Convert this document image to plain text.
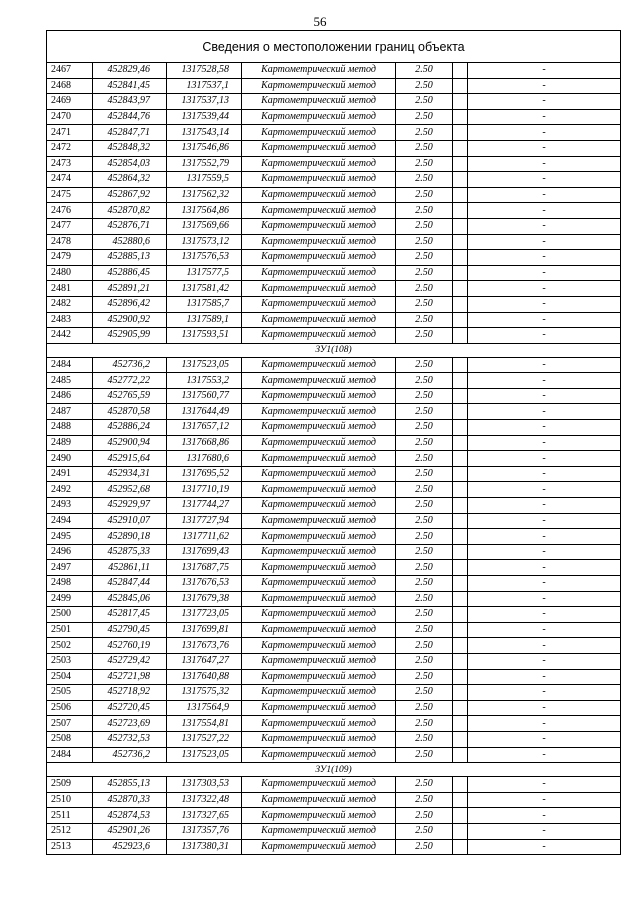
56
Сведения о местоположении границ объекта						
2467	452829,46	1317528,58	Картометрический метод	2.50		-
2468	452841,45	1317537,1	Картометрический метод	2.50		-
2469	452843,97	1317537,13	Картометрический метод	2.50		-
2470	452844,76	1317539,44	Картометрический метод	2.50		-
2471	452847,71	1317543,14	Картометрический метод	2.50		-
2472	452848,32	1317546,86	Картометрический метод	2.50		-
2473	452854,03	1317552,79	Картометрический метод	2.50		-
2474	452864,32	1317559,5	Картометрический метод	2.50		-
2475	452867,92	1317562,32	Картометрический метод	2.50		-
2476	452870,82	1317564,86	Картометрический метод	2.50		-
2477	452876,71	1317569,66	Картометрический метод	2.50		-
2478	452880,6	1317573,12	Картометрический метод	2.50		-
2479	452885,13	1317576,53	Картометрический метод	2.50		-
2480	452886,45	1317577,5	Картометрический метод	2.50		-
2481	452891,21	1317581,42	Картометрический метод	2.50		-
2482	452896,42	1317585,7	Картометрический метод	2.50		-
2483	452900,92	1317589,1	Картометрический метод	2.50		-
2442	452905,99	1317593,51	Картометрический метод	2.50		-
ЗУ1(108)						
2484	452736,2	1317523,05	Картометрический метод	2.50		-
2485	452772,22	1317553,2	Картометрический метод	2.50		-
2486	452765,59	1317560,77	Картометрический метод	2.50		-
2487	452870,58	1317644,49	Картометрический метод	2.50		-
2488	452886,24	1317657,12	Картометрический метод	2.50		-
2489	452900,94	1317668,86	Картометрический метод	2.50		-
2490	452915,64	1317680,6	Картометрический метод	2.50		-
2491	452934,31	1317695,52	Картометрический метод	2.50		-
2492	452952,68	1317710,19	Картометрический метод	2.50		-
2493	452929,97	1317744,27	Картометрический метод	2.50		-
2494	452910,07	1317727,94	Картометрический метод	2.50		-
2495	452890,18	1317711,62	Картометрический метод	2.50		-
2496	452875,33	1317699,43	Картометрический метод	2.50		-
2497	452861,11	1317687,75	Картометрический метод	2.50		-
2498	452847,44	1317676,53	Картометрический метод	2.50		-
2499	452845,06	1317679,38	Картометрический метод	2.50		-
2500	452817,45	1317723,05	Картометрический метод	2.50		-
2501	452790,45	1317699,81	Картометрический метод	2.50		-
2502	452760,19	1317673,76	Картометрический метод	2.50		-
2503	452729,42	1317647,27	Картометрический метод	2.50		-
2504	452721,98	1317640,88	Картометрический метод	2.50		-
2505	452718,92	1317575,32	Картометрический метод	2.50		-
2506	452720,45	1317564,9	Картометрический метод	2.50		-
2507	452723,69	1317554,81	Картометрический метод	2.50		-
2508	452732,53	1317527,22	Картометрический метод	2.50		-
2484	452736,2	1317523,05	Картометрический метод	2.50		-
ЗУ1(109)						
2509	452855,13	1317303,53	Картометрический метод	2.50		-
2510	452870,33	1317322,48	Картометрический метод	2.50		-
2511	452874,53	1317327,65	Картометрический метод	2.50		-
2512	452901,26	1317357,76	Картометрический метод	2.50		-
2513	452923,6	1317380,31	Картометрический метод	2.50		-
